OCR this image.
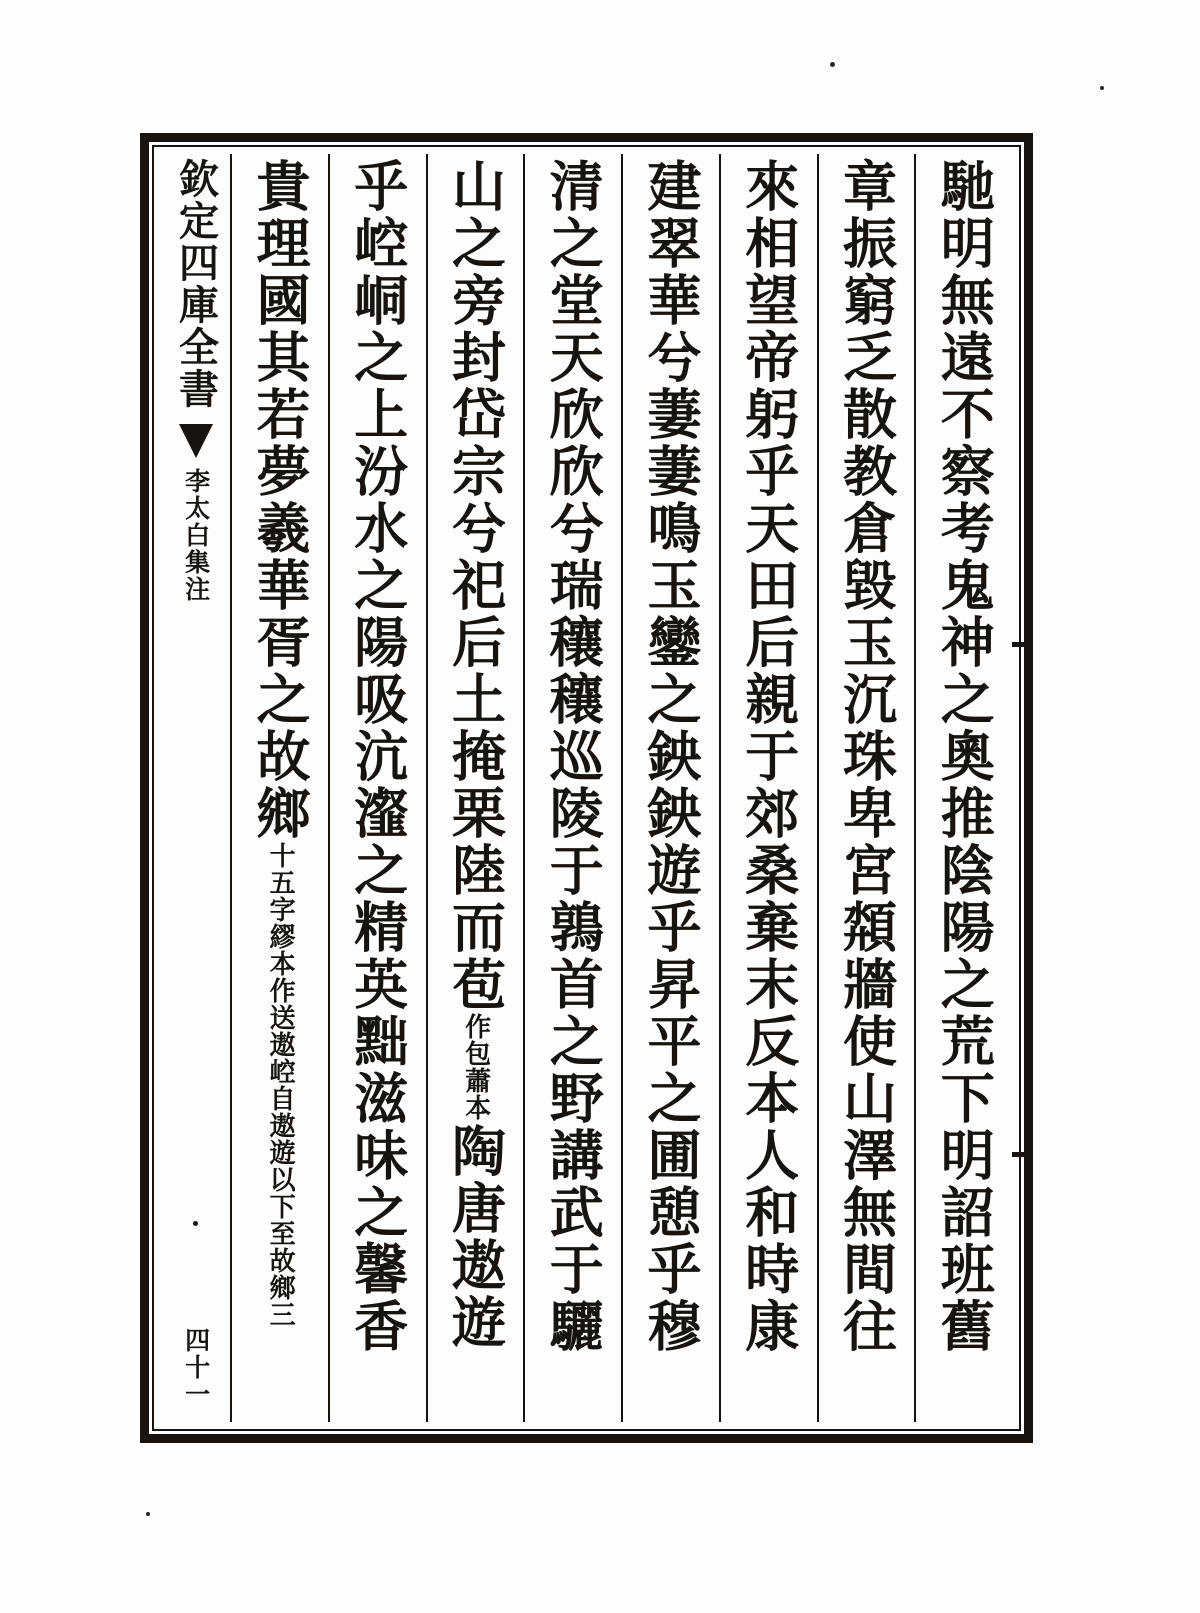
馳明無遠不察考鬼神之奧推陰陽之荒下明詔班舊
章振窮乏散教倉毀玉沉珠卑宮頮牆使山澤無間往
來相望帝躬乎天田后親于郊桑棄末反本人和時康
建翠華兮萋萋鳴玉鑾之鉠鉠遊乎昇平之圃憩乎穆
清之堂天欣欣兮瑞穰穰巡陵于鶉首之野講武于驪
山之旁封岱宗兮祀后土掩栗陸而苞
蕭本
作包
陶唐遨遊
乎崆峒之上汾水之陽吸沆瀣之精英黜滋味之馨香
貴理國其若夢羲華胥之故鄉
自遨遊以下至故鄉三
十五字繆本作送遨崆
欽定四庫全書
李太白集注
四十一
